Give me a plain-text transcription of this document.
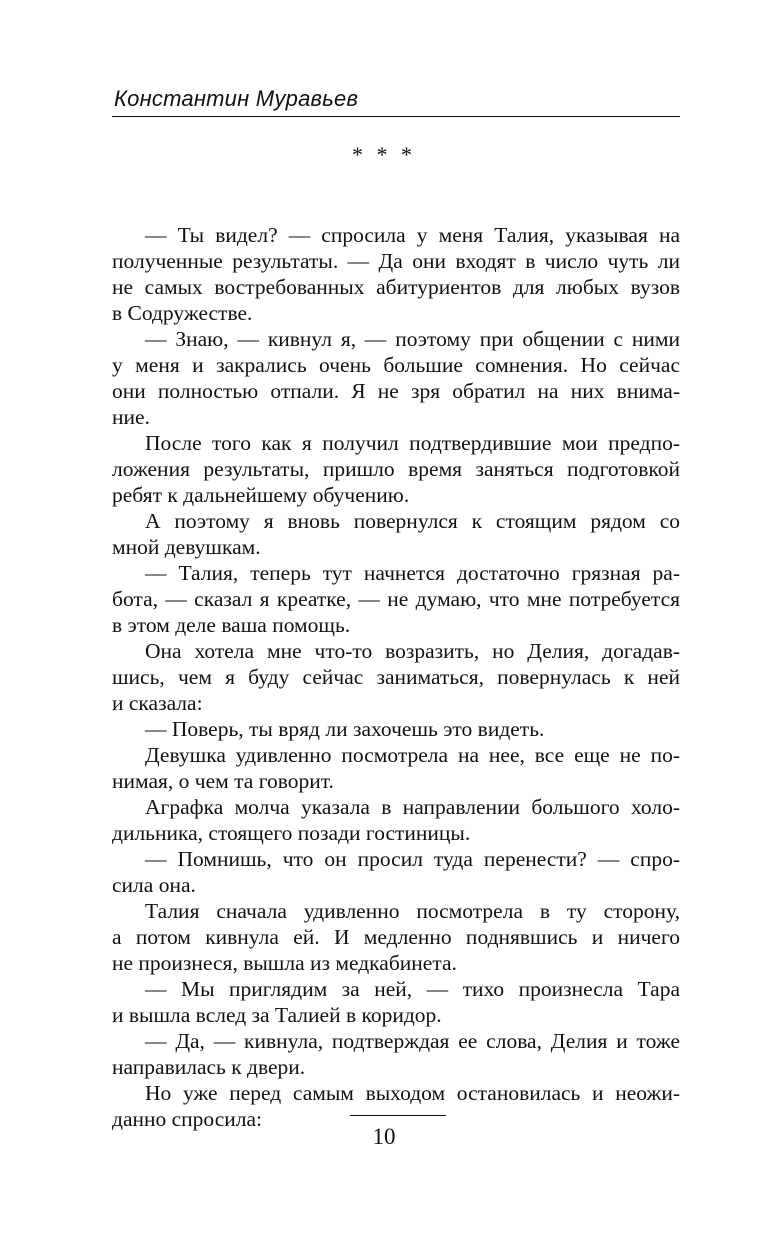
Константин Муравьев
* * *
— Ты видел? — спросила у меня Талия, указывая на
полученные результаты. — Да они входят в число чуть ли
не самых востребованных абитуриентов для любых вузов
в Содружестве.
— Знаю, — кивнул я, — поэтому при общении с ними
у меня и закрались очень большие сомнения. Но сейчас
они полностью отпали. Я не зря обратил на них внима-
ние.
После того как я получил подтвердившие мои предпо-
ложения результаты, пришло время заняться подготовкой
ребят к дальнейшему обучению.
А поэтому я вновь повернулся к стоящим рядом со
мной девушкам.
— Талия, теперь тут начнется достаточно грязная ра-
бота, — сказал я креатке, — не думаю, что мне потребуется
в этом деле ваша помощь.
Она хотела мне что-то возразить, но Делия, догадав-
шись, чем я буду сейчас заниматься, повернулась к ней
и сказала:
— Поверь, ты вряд ли захочешь это видеть.
Девушка удивленно посмотрела на нее, все еще не по-
нимая, о чем та говорит.
Аграфка молча указала в направлении большого холо-
дильника, стоящего позади гостиницы.
— Помнишь, что он просил туда перенести? — спро-
сила она.
Талия сначала удивленно посмотрела в ту сторону,
а потом кивнула ей. И медленно поднявшись и ничего
не произнеся, вышла из медкабинета.
— Мы приглядим за ней, — тихо произнесла Тара
и вышла вслед за Талией в коридор.
— Да, — кивнула, подтверждая ее слова, Делия и тоже
направилась к двери.
Но уже перед самым выходом остановилась и неожи-
данно спросила:
10
